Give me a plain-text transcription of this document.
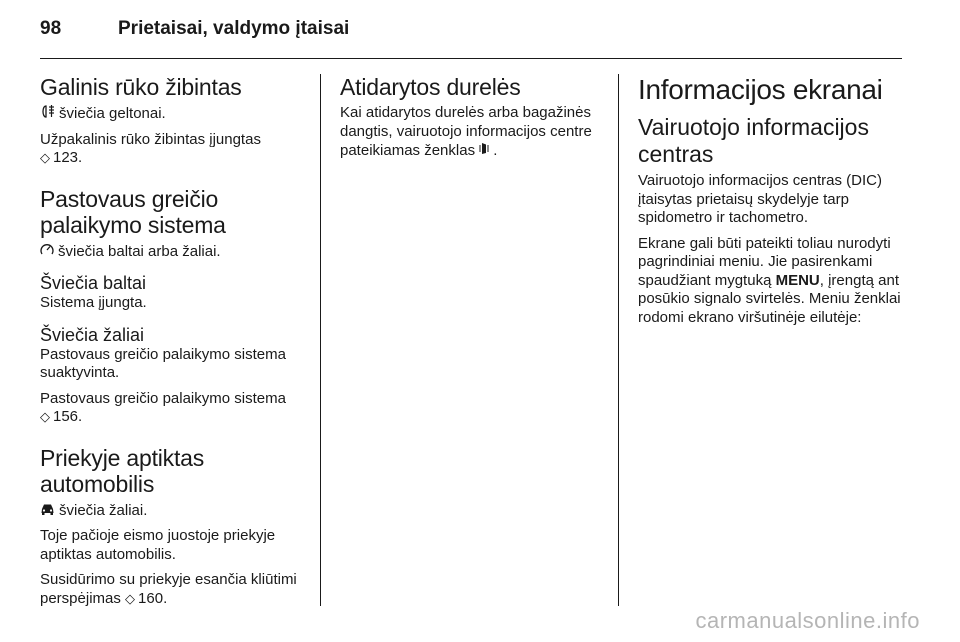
98	Prietaisai, valdymo įtaisai
Galinis rūko žibintas

šviečia geltonai.

Užpakalinis rūko žibintas įjungtas
◇ 123.

Pastovaus greičio
palaikymo sistema

šviečia baltai arba žaliai.

Šviečia baltai

Sistema įjungta.

Šviečia žaliai

Pastovaus greičio palaikymo sistema suaktyvinta.

Pastovaus greičio palaikymo sistema
◇ 156.

Priekyje aptiktas
automobilis

šviečia žaliai.

Toje pačioje eismo juostoje priekyje aptiktas automobilis.

Susidūrimo su priekyje esančia kliūtimi perspėjimas ◇ 160.

Atidarytos durelės

Kai atidarytos durelės arba bagažinės dangtis, vairuotojo informacijos centre pateikiamas ženklas .

Informacijos ekranai
Vairuotojo informacijos
centras

Vairuotojo informacijos centras (DIC) įtaisytas prietaisų skydelyje tarp spidometro ir tachometro.

Ekrane gali būti pateikti toliau nurodyti pagrindiniai meniu. Jie pasirenkami spaudžiant mygtuką MENU, įrengtą ant posūkio signalo svirtelės. Meniu ženklai rodomi ekrano viršutinėje eilutėje:

carmanualsonline.info
